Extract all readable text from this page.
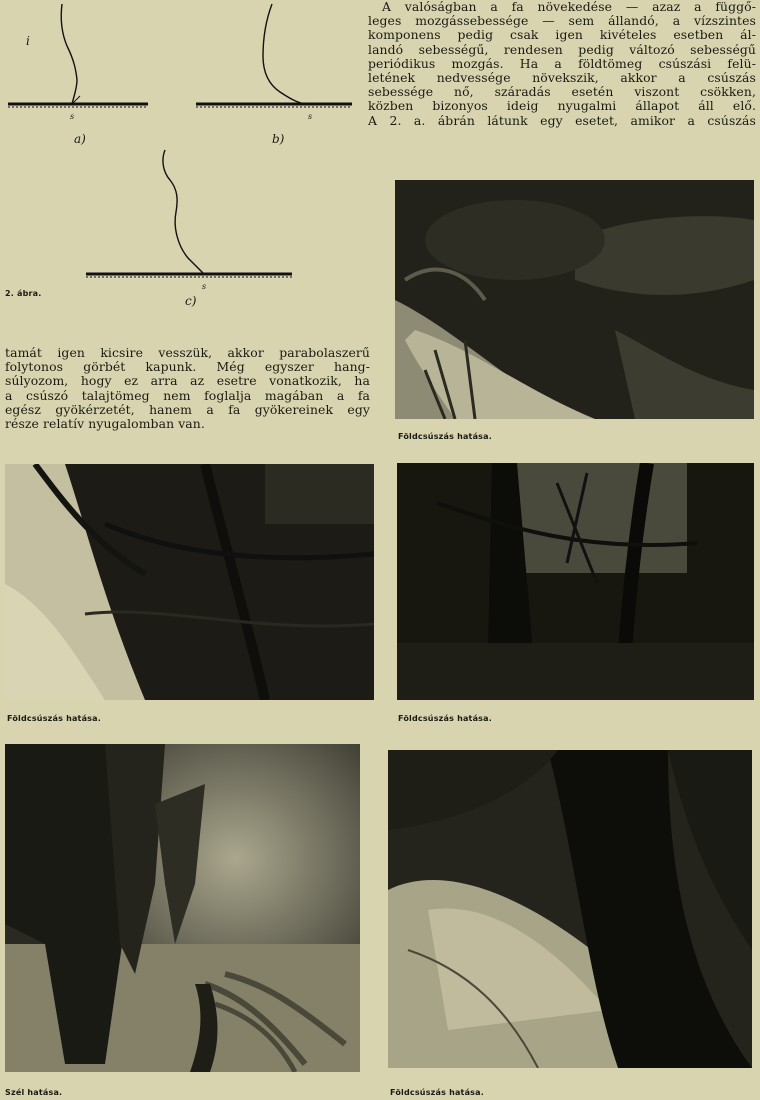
i
s
a)
s
b)
s
c)
2. ábra.
A valóságban a fa növekedése — azaz a függő-
leges mozgássebessége — sem állandó, a vízszintes
komponens pedig csak igen kivételes esetben ál-
landó sebességű, rendesen pedig változó sebességű
periódikus mozgás. Ha a földtömeg csúszási felü-
letének nedvessége növekszik, akkor a csúszás
sebessége nő, száradás esetén viszont csökken,
közben bizonyos ideig nyugalmi állapot áll elő.
A 2. a. ábrán látunk egy esetet, amikor a csúszás
tamát igen kicsire vesszük, akkor parabolaszerű
folytonos görbét kapunk. Még egyszer hang-
súlyozom, hogy ez arra az esetre vonatkozik, ha
a csúszó talajtömeg nem foglalja magában a fa
egész gyökérzetét, hanem a fa gyökereinek egy
része relatív nyugalomban van.
Földcsúszás hatása.
Földcsúszás hatása.	Földcsúszás hatása.
Szél hatása.	Földcsúszás hatása.
